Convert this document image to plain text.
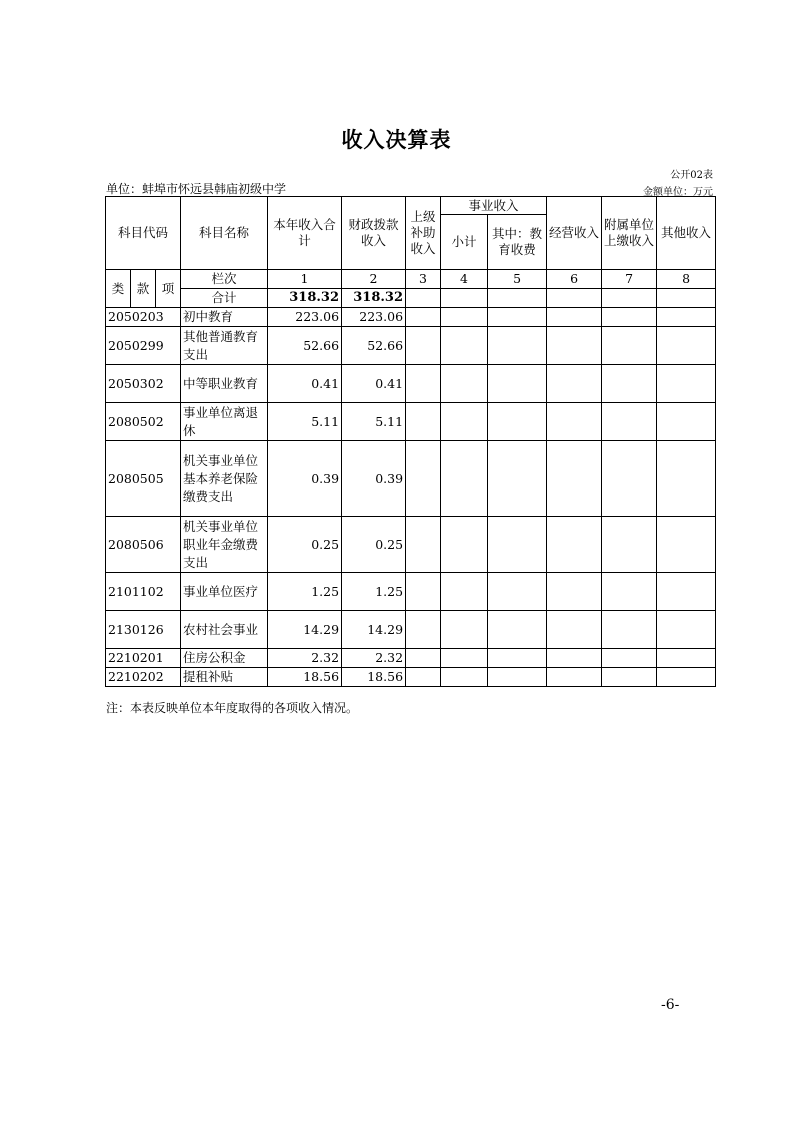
收入决算表
公开02表
单位：蚌埠市怀远县韩庙初级中学	金额单位：万元
科目代码			科目名称	本年收入合计	财政拨款收入	上级补助收入	事业收入		经营收入	附属单位上缴收入	其他收入
							小计	其中：教育收费			
类	款	项	栏次	1	2	3	4	5	6	7	8
			合计	318.32	318.32						
2050203			初中教育	223.06	223.06						
2050299			其他普通教育支出	52.66	52.66						
2050302			中等职业教育	0.41	0.41						
2080502			事业单位离退休	5.11	5.11						
2080505			机关事业单位基本养老保险缴费支出	0.39	0.39						
2080506			机关事业单位职业年金缴费支出	0.25	0.25						
2101102			事业单位医疗	1.25	1.25						
2130126			农村社会事业	14.29	14.29						
2210201			住房公积金	2.32	2.32						
2210202			提租补贴	18.56	18.56						
注：本表反映单位本年度取得的各项收入情况。
-6-
